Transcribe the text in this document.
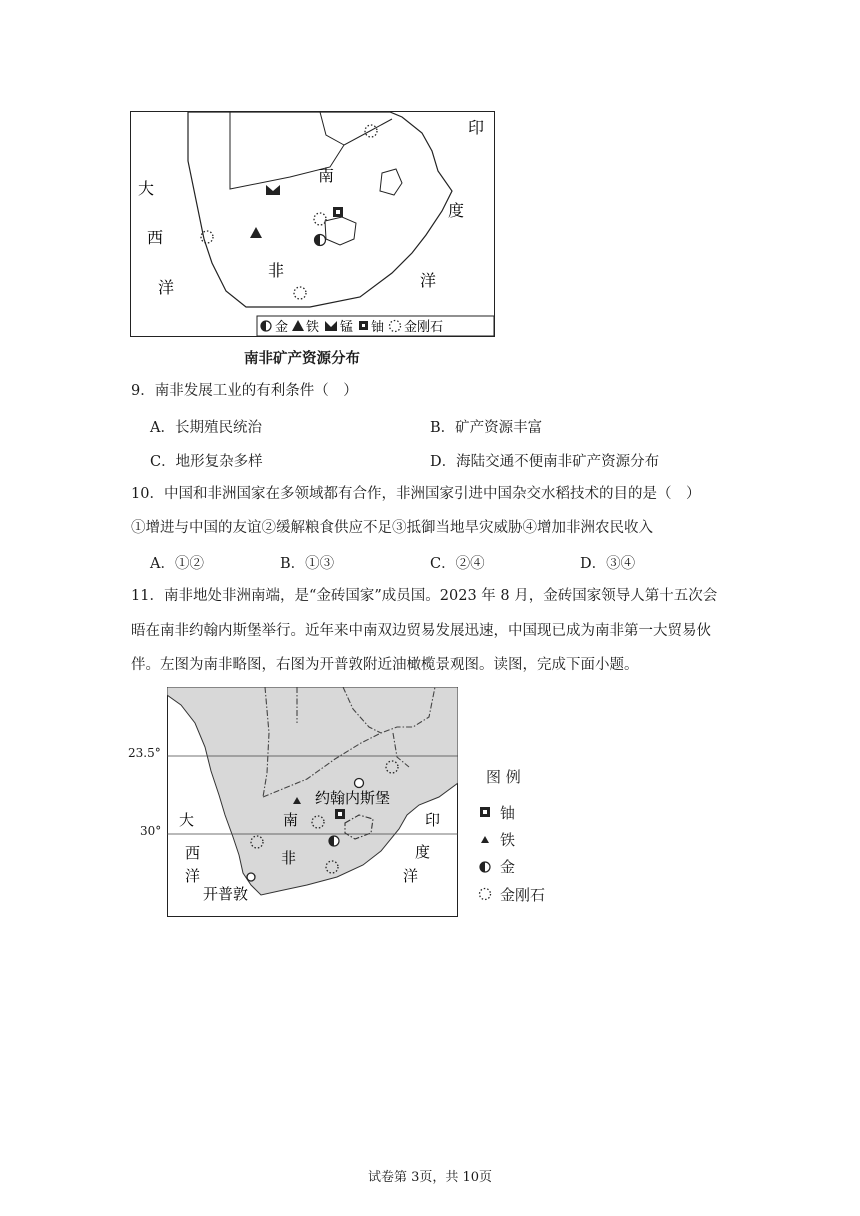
金 铁 锰 铀 金刚石
大
西
洋
南
非
印
度
洋
南非矿产资源分布
9．南非发展工业的有利条件（　）
A．长期殖民统治	B．矿产资源丰富
C．地形复杂多样	D．海陆交通不便南非矿产资源分布
10．中国和非洲国家在多领域都有合作，非洲国家引进中国杂交水稻技术的目的是（　）
①增进与中国的友谊②缓解粮食供应不足③抵御当地旱灾威胁④增加非洲农民收入
A．①②	B．①③	C．②④	D．③④
11．南非地处非洲南端，是“金砖国家”成员国。2023 年 8 月，金砖国家领导人第十五次会
晤在南非约翰内斯堡举行。近年来中南双边贸易发展迅速，中国现已成为南非第一大贸易伙
伴。左图为南非略图，右图为开普敦附近油橄榄景观图。读图，完成下面小题。
23.5°
30°
约翰内斯堡
南
非
大
西
洋
印
度
洋
开普敦
图 例
铀
铁
金
金刚石
试卷第 3页，共 10页
